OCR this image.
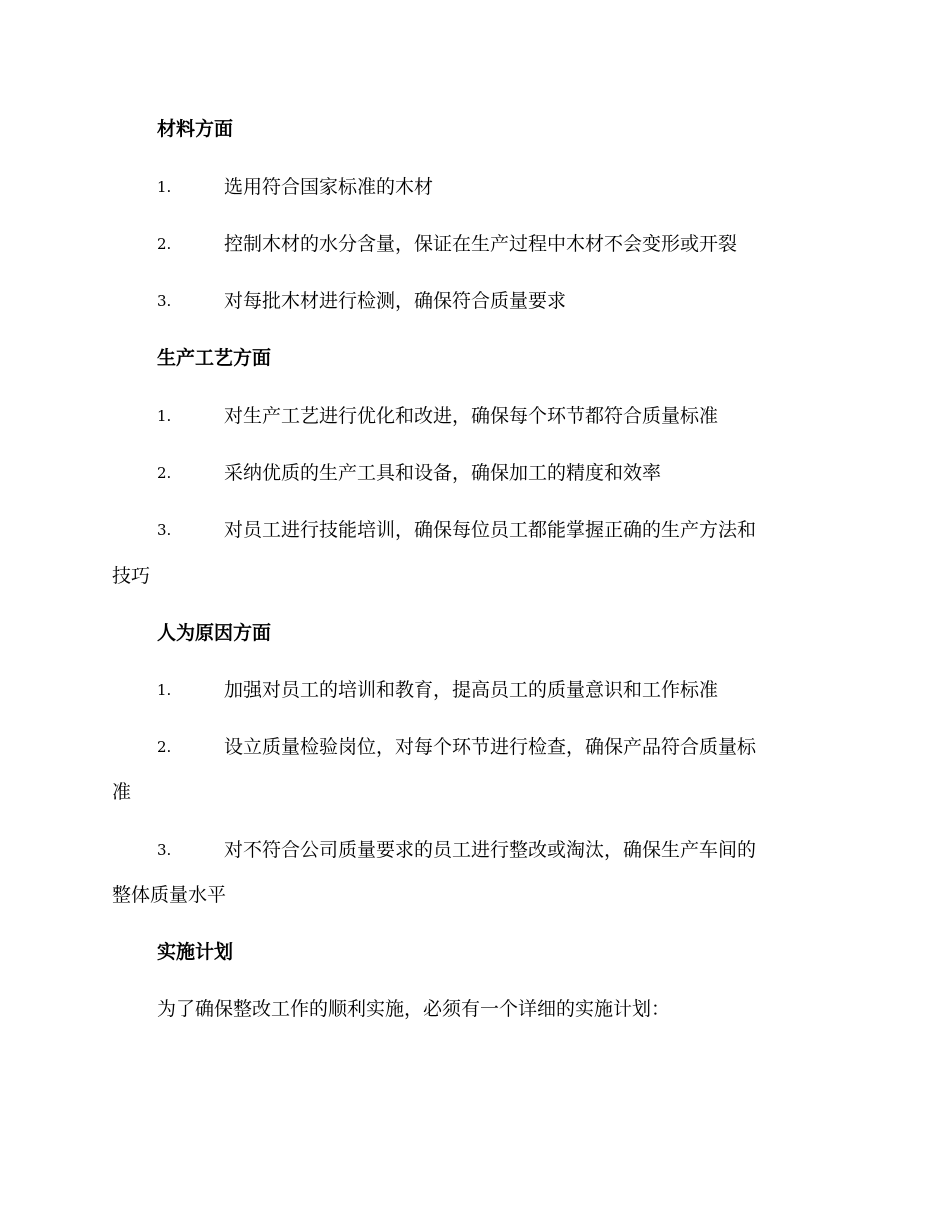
材料方面
1.	选用符合国家标准的木材
2.	控制木材的水分含量，保证在生产过程中木材不会变形或开裂
3.	对每批木材进行检测，确保符合质量要求
生产工艺方面
1.	对生产工艺进行优化和改进，确保每个环节都符合质量标准
2.	采纳优质的生产工具和设备，确保加工的精度和效率
3.	对员工进行技能培训，确保每位员工都能掌握正确的生产方法和
技巧
人为原因方面
1.	加强对员工的培训和教育，提高员工的质量意识和工作标准
2.	设立质量检验岗位，对每个环节进行检查，确保产品符合质量标
准
3.	对不符合公司质量要求的员工进行整改或淘汰，确保生产车间的
整体质量水平
实施计划
为了确保整改工作的顺利实施，必须有一个详细的实施计划：
